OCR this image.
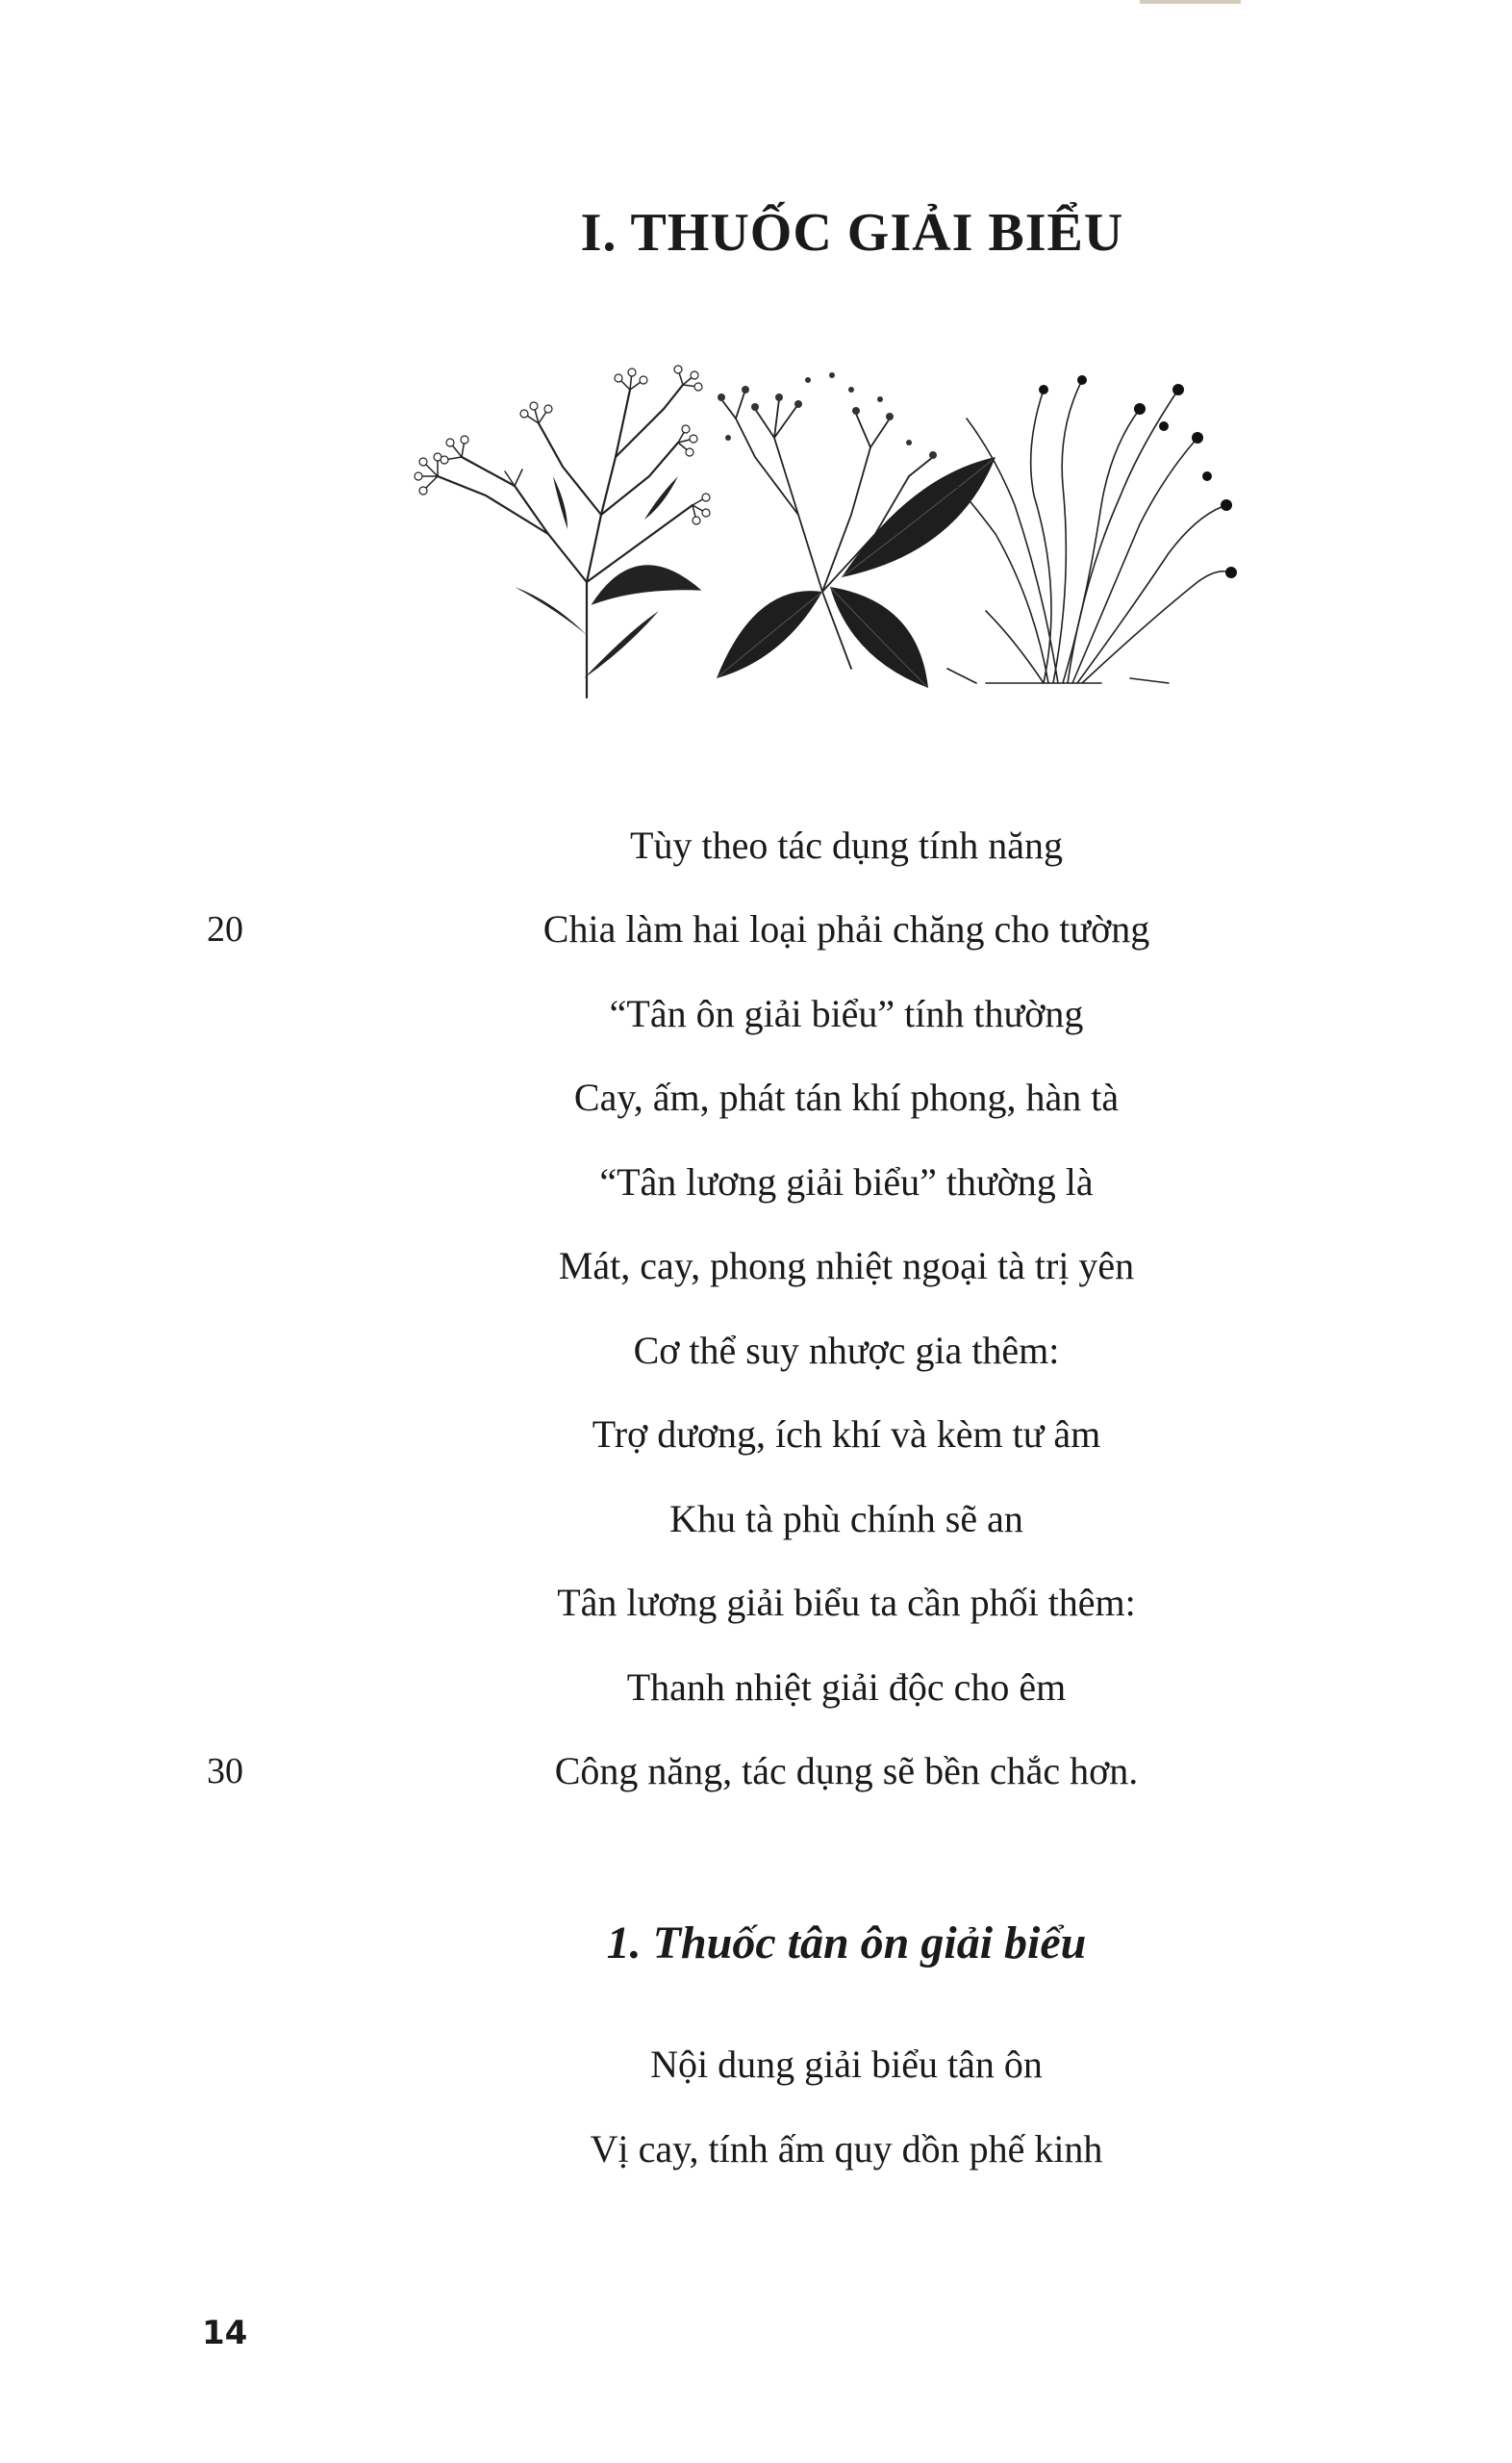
I. THUỐC GIẢI BIỂU
Tùy theo tác dụng tính năng
Chia làm hai loại phải chăng cho tường
“Tân ôn giải biểu” tính thường
Cay, ấm, phát tán khí phong, hàn tà
“Tân lương giải biểu” thường là
Mát, cay, phong nhiệt ngoại tà trị yên
Cơ thể suy nhược gia thêm:
Trợ dương, ích khí và kèm tư âm
Khu tà phù chính sẽ an
Tân lương giải biểu ta cần phối thêm:
Thanh nhiệt giải độc cho êm
Công năng, tác dụng sẽ bền chắc hơn.
20
30
1. Thuốc tân ôn giải biểu
Nội dung giải biểu tân ôn
Vị cay, tính ấm quy dồn phế kinh
14
